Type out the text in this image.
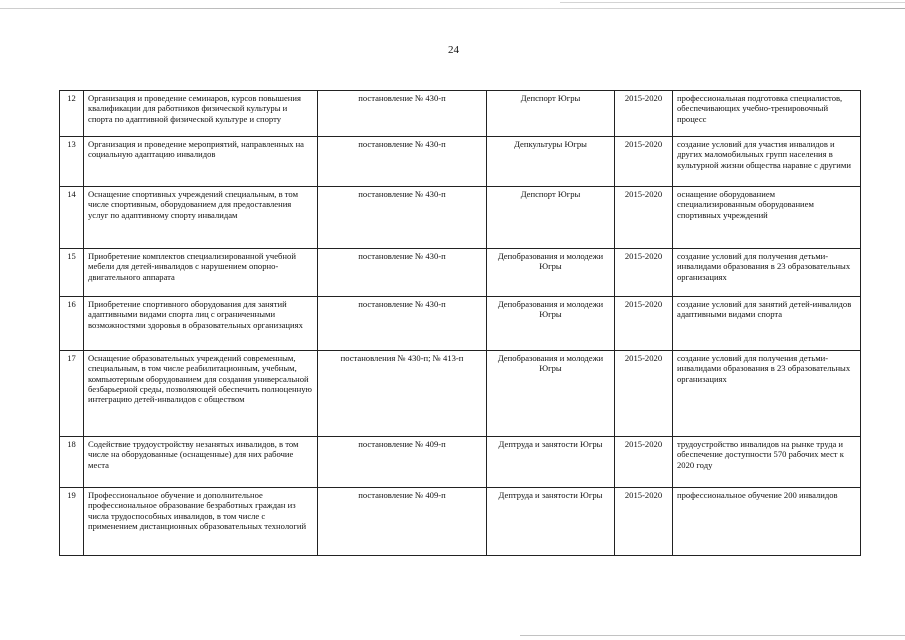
24
12	Организация и проведение семинаров, курсов повышения квалификации для работников физической культуры и спорта по адаптивной физической культуре и спорту	постановление № 430-п	Депспорт Югры	2015-2020	профессиональная подготовка специалистов, обеспечивающих учебно-тренировочный процесс
13	Организация и проведение мероприятий, направленных на социальную адаптацию инвалидов	постановление № 430-п	Депкультуры Югры	2015-2020	создание условий для участия инвалидов и других маломобильных групп населения в культурной жизни общества наравне с другими
14	Оснащение спортивных учреждений специальным, в том числе спортивным, оборудованием для предоставления услуг по адаптивному спорту инвалидам	постановление № 430-п	Депспорт Югры	2015-2020	оснащение оборудованием специализированным оборудованием спортивных учреждений
15	Приобретение комплектов специализированной учебной мебели для детей-инвалидов с нарушением опорно-двигательного аппарата	постановление № 430-п	Депобразования и молодежи Югры	2015-2020	создание условий для получения детьми-инвалидами образования в 23 образовательных организациях
16	Приобретение спортивного оборудования для занятий адаптивными видами спорта лиц с ограниченными возможностями здоровья в образовательных организациях	постановление № 430-п	Депобразования и молодежи Югры	2015-2020	создание условий для занятий детей-инвалидов адаптивными видами спорта
17	Оснащение образовательных учреждений современным, специальным, в том числе реабилитационным, учебным, компьютерным оборудованием для создания универсальной безбарьерной среды, позволяющей обеспечить полноценную интеграцию детей-инвалидов с обществом	постановления № 430-п; № 413-п	Депобразования и молодежи Югры	2015-2020	создание условий для получения детьми-инвалидами образования в 23 образовательных организациях
18	Содействие трудоустройству незанятых инвалидов, в том числе на оборудованные (оснащенные) для них рабочие места	постановление № 409-п	Дептруда и занятости Югры	2015-2020	трудоустройство инвалидов на рынке труда и обеспечение доступности 570 рабочих мест к 2020 году
19	Профессиональное обучение и дополнительное профессиональное образование безработных граждан из числа трудоспособных инвалидов, в том числе с применением дистанционных образовательных технологий	постановление № 409-п	Дептруда и занятости Югры	2015-2020	профессиональное обучение 200 инвалидов
